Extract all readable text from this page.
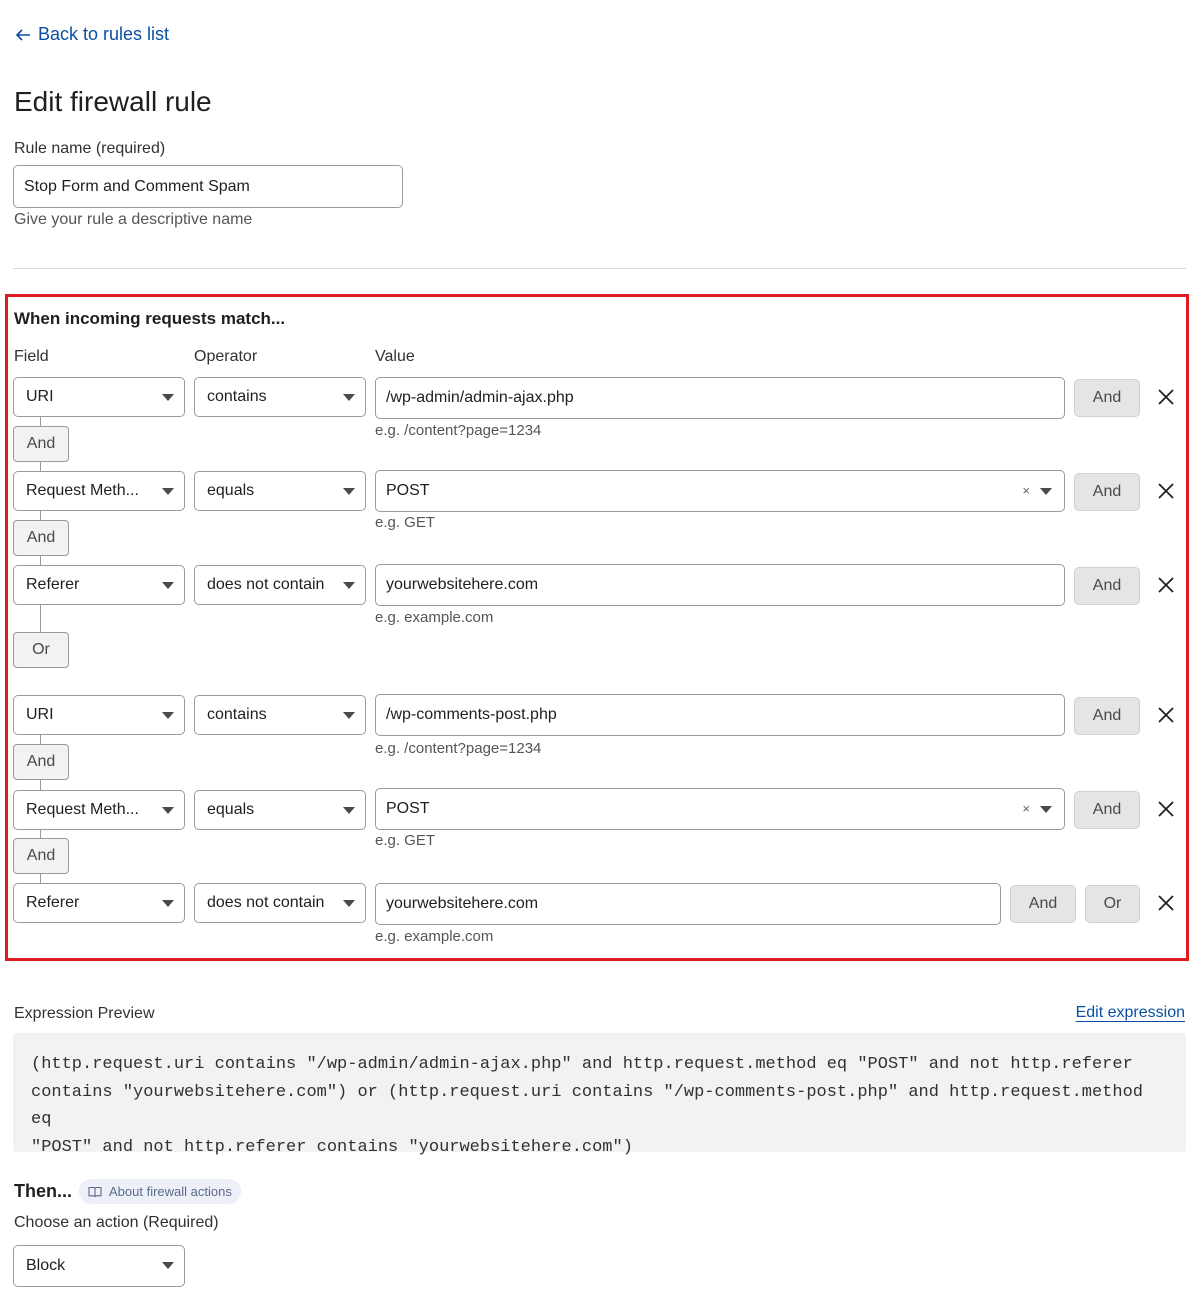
Back to rules list
Edit firewall rule
Rule name (required)
Stop Form and Comment Spam
Give your rule a descriptive name
When incoming requests match...
Field	Operator	Value
URI	contains	/wp-admin/admin-ajax.php
e.g. /content?page=1234
And
And
Request Meth...	equals	POST	×
e.g. GET
And
And
Referer	does not contain	yourwebsitehere.com
e.g. example.com
And
Or
URI	contains	/wp-comments-post.php
e.g. /content?page=1234
And
And
Request Meth...	equals	POST	×
e.g. GET
And
And
Referer	does not contain	yourwebsitehere.com
e.g. example.com
And	Or
Expression Preview	Edit expression
(http.request.uri contains "/wp-admin/admin-ajax.php" and http.request.method eq "POST" and not http.referer
contains "yourwebsitehere.com") or (http.request.uri contains "/wp-comments-post.php" and http.request.method eq
"POST" and not http.referer contains "yourwebsitehere.com")
Then...	About firewall actions
Choose an action (Required)
Block
